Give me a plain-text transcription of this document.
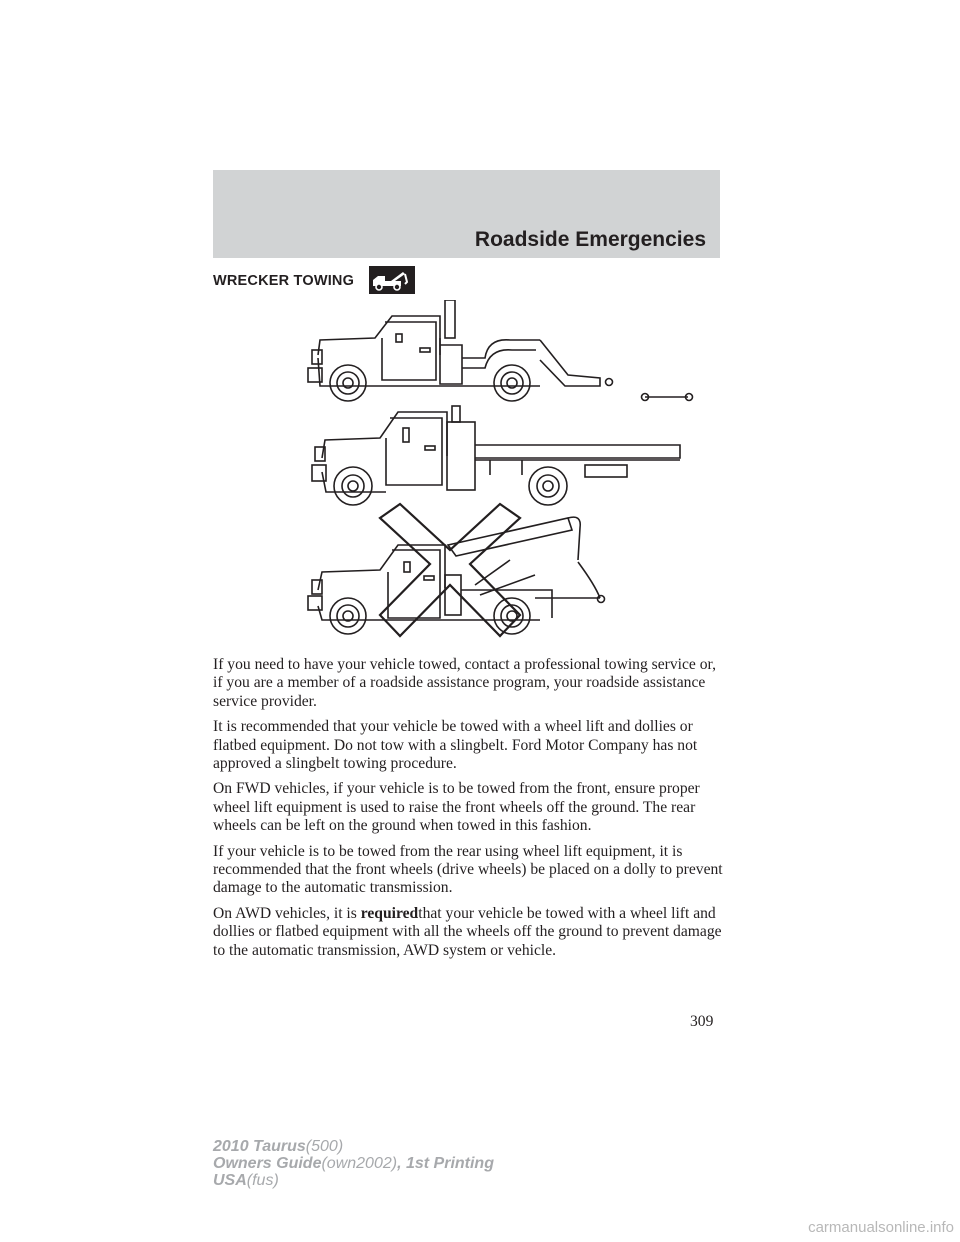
Roadside Emergencies
WRECKER TOWING

If you need to have your vehicle towed, contact a professional towing service or, if you are a member of a roadside assistance program, your roadside assistance service provider.

It is recommended that your vehicle be towed with a wheel lift and dollies or flatbed equipment. Do not tow with a slingbelt. Ford Motor Company has not approved a slingbelt towing procedure.

On FWD vehicles, if your vehicle is to be towed from the front, ensure proper wheel lift equipment is used to raise the front wheels off the ground. The rear wheels can be left on the ground when towed in this fashion.

If your vehicle is to be towed from the rear using wheel lift equipment, it is recommended that the front wheels (drive wheels) be placed on a dolly to prevent damage to the automatic transmission.

On AWD vehicles, it is requiredthat your vehicle be towed with a wheel lift and dollies or flatbed equipment with all the wheels off the ground to prevent damage to the automatic transmission, AWD system or vehicle.

309
2010 Taurus(500)
Owners Guide(own2002), 1st Printing
USA(fus)
carmanualsonline.info
